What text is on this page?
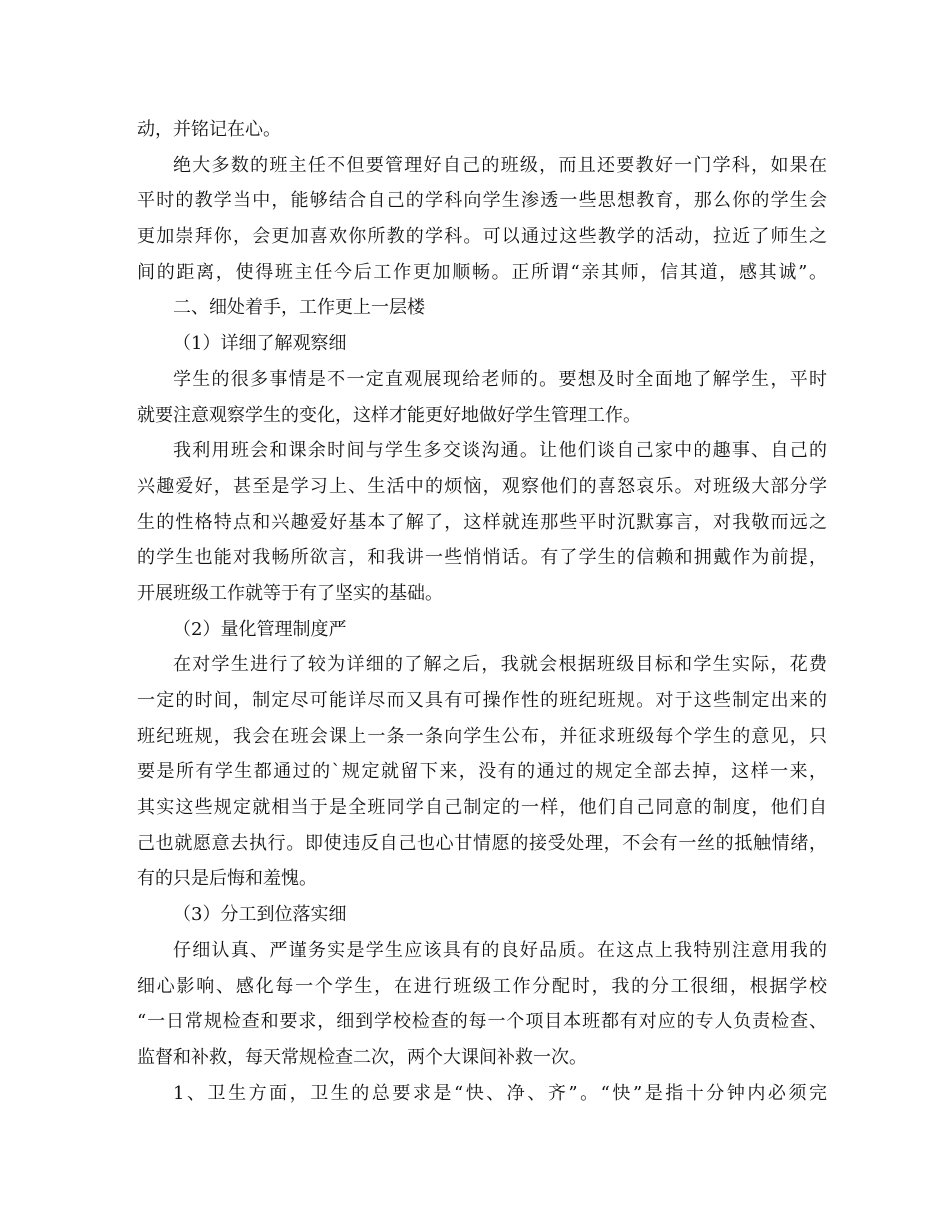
动，并铭记在心。
绝大多数的班主任不但要管理好自己的班级，而且还要教好一门学科，如果在
平时的教学当中，能够结合自己的学科向学生渗透一些思想教育，那么你的学生会
更加崇拜你，会更加喜欢你所教的学科。可以通过这些教学的活动，拉近了师生之
间的距离，使得班主任今后工作更加顺畅。正所谓“亲其师，信其道，感其诚”。
二、细处着手，工作更上一层楼
（1）详细了解观察细
学生的很多事情是不一定直观展现给老师的。要想及时全面地了解学生，平时
就要注意观察学生的变化，这样才能更好地做好学生管理工作。
我利用班会和课余时间与学生多交谈沟通。让他们谈自己家中的趣事、自己的
兴趣爱好，甚至是学习上、生活中的烦恼，观察他们的喜怒哀乐。对班级大部分学
生的性格特点和兴趣爱好基本了解了，这样就连那些平时沉默寡言，对我敬而远之
的学生也能对我畅所欲言，和我讲一些悄悄话。有了学生的信赖和拥戴作为前提，
开展班级工作就等于有了坚实的基础。
（2）量化管理制度严
在对学生进行了较为详细的了解之后，我就会根据班级目标和学生实际，花费
一定的时间，制定尽可能详尽而又具有可操作性的班纪班规。对于这些制定出来的
班纪班规，我会在班会课上一条一条向学生公布，并征求班级每个学生的意见，只
要是所有学生都通过的`规定就留下来，没有的通过的规定全部去掉，这样一来，
其实这些规定就相当于是全班同学自己制定的一样，他们自己同意的制度，他们自
己也就愿意去执行。即使违反自己也心甘情愿的接受处理，不会有一丝的抵触情绪，
有的只是后悔和羞愧。
（3）分工到位落实细
仔细认真、严谨务实是学生应该具有的良好品质。在这点上我特别注意用我的
细心影响、感化每一个学生，在进行班级工作分配时，我的分工很细，根据学校
“一日常规检查和要求，细到学校检查的每一个项目本班都有对应的专人负责检查、
监督和补救，每天常规检查二次，两个大课间补救一次。
1、卫生方面，卫生的总要求是“快、净、齐”。“快”是指十分钟内必须完
